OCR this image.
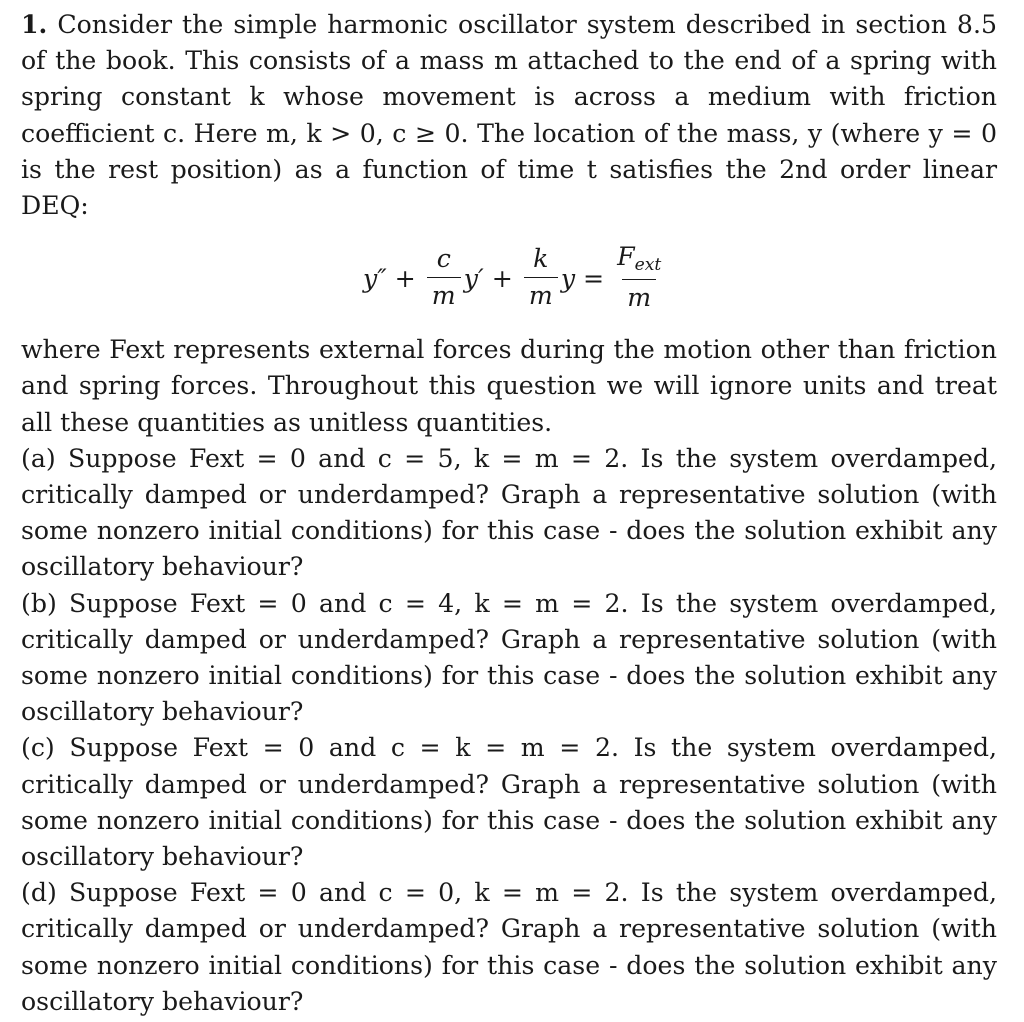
1. Consider the simple harmonic oscillator system described in section 8.5 of the book. This consists of a mass m attached to the end of a spring with spring constant k whose movement is across a medium with friction coefficient c. Here m, k > 0, c ≥ 0. The location of the mass, y (where y = 0 is the rest position) as a function of time t satisfies the 2nd order linear DEQ:

$y'' + \frac{c}{m} y' + \frac{k}{m}$ $y = \frac{F_{ext}}{m}$

where Fext represents external forces during the motion other than friction and spring forces. Throughout this question we will ignore units and treat all these quantities as unitless quantities.

(a) Suppose Fext = 0 and c = 5, k = m = 2. Is the system overdamped, critically damped or underdamped? Graph a representative solution (with some nonzero initial conditions) for this case - does the solution exhibit any oscillatory behaviour?

(b) Suppose Fext = 0 and c = 4, k = m = 2. Is the system overdamped, critically damped or underdamped? Graph a representative solution (with some nonzero initial conditions) for this case - does the solution exhibit any oscillatory behaviour?

(c) Suppose Fext = 0 and c = k = m = 2. Is the system overdamped, critically damped or underdamped? Graph a representative solution (with some nonzero initial conditions) for this case - does the solution exhibit any oscillatory behaviour?

(d) Suppose Fext = 0 and c = 0, k = m = 2. Is the system overdamped, critically damped or underdamped? Graph a representative solution (with some nonzero initial conditions) for this case - does the solution exhibit any oscillatory behaviour?
